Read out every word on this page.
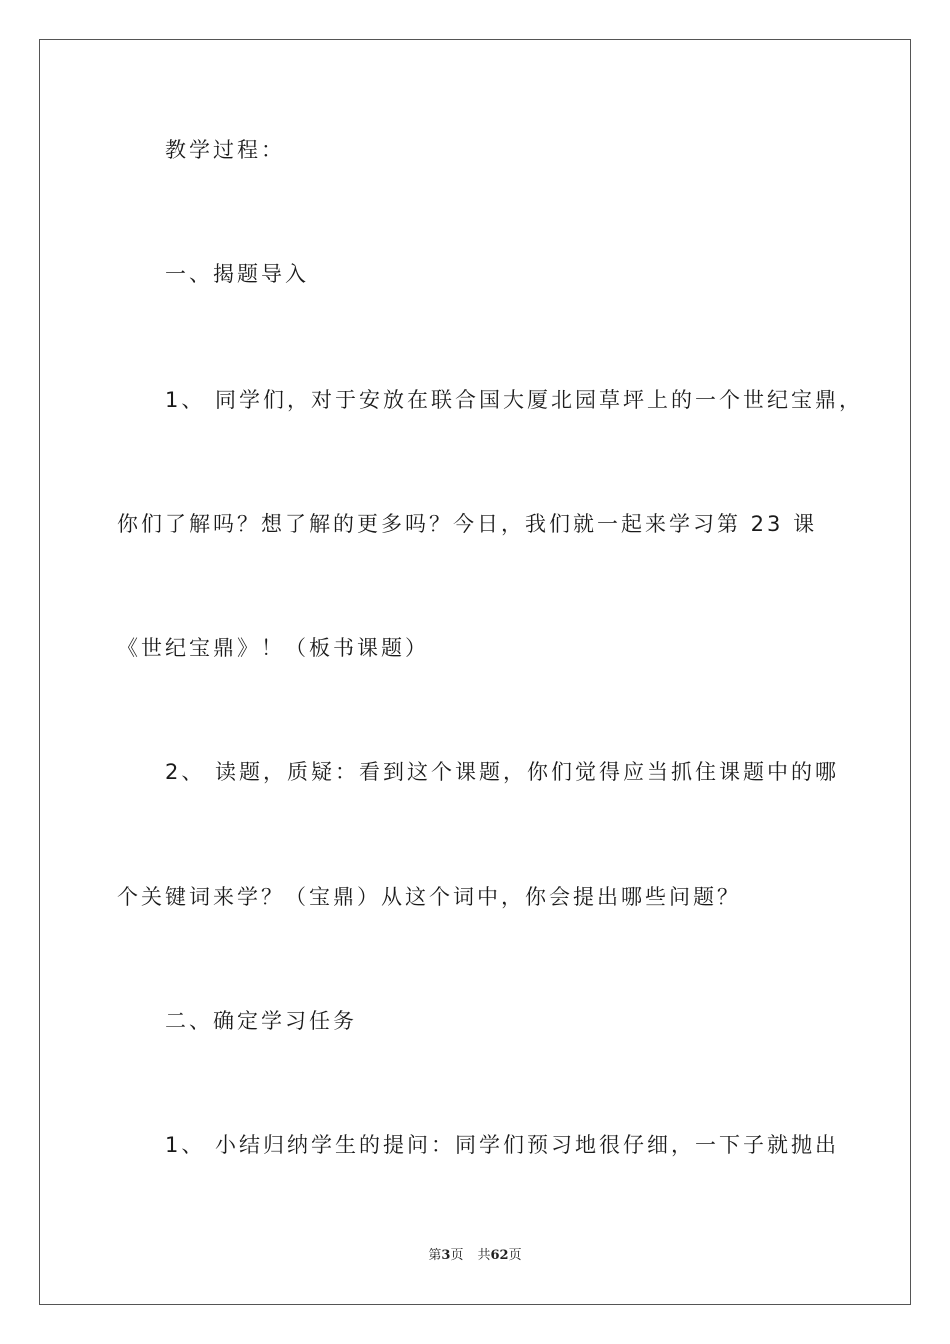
教学过程：
一、揭题导入
1、 同学们，对于安放在联合国大厦北园草坪上的一个世纪宝鼎，
你们了解吗？想了解的更多吗？今日，我们就一起来学习第 23 课
《世纪宝鼎》！（板书课题）
2、 读题，质疑：看到这个课题，你们觉得应当抓住课题中的哪
个关键词来学？（宝鼎）从这个词中，你会提出哪些问题？
二、确定学习任务
1、 小结归纳学生的提问：同学们预习地很仔细，一下子就抛出
第3页 共62页
